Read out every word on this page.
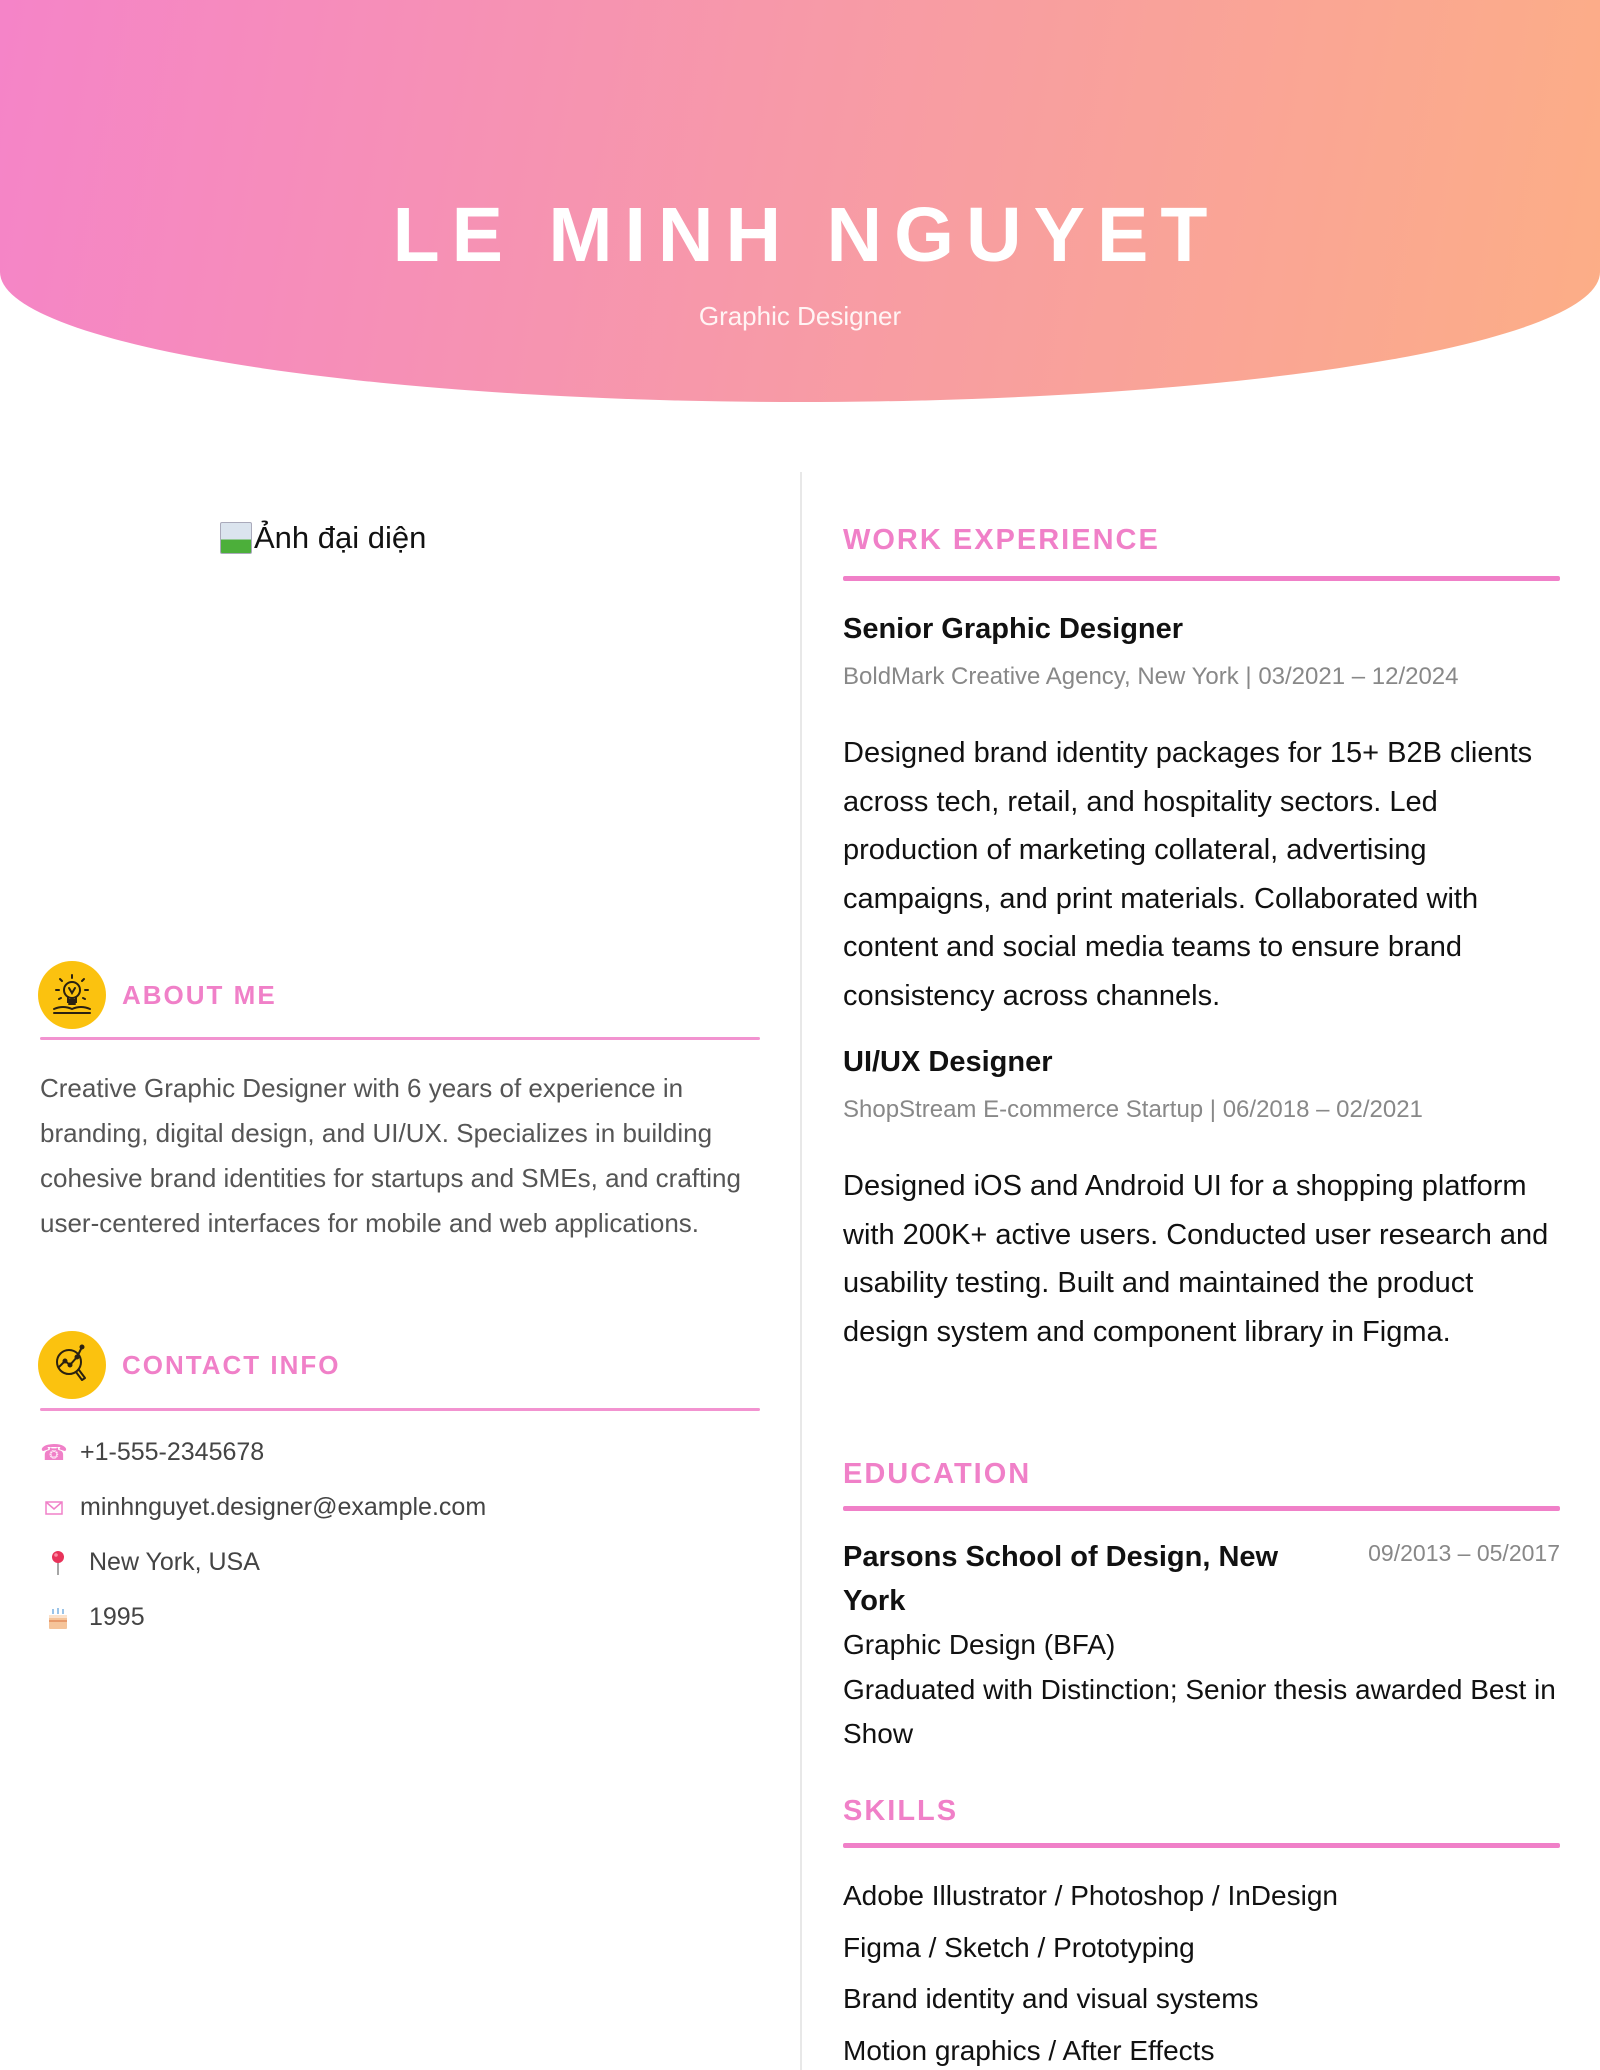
LE MINH NGUYET
Graphic Designer
Ảnh đại diện
ABOUT ME

Creative Graphic Designer with 6 years of experience in branding, digital design, and UI/UX. Specializes in building cohesive brand identities for startups and SMEs, and crafting user-centered interfaces for mobile and web applications.

CONTACT INFO
☎ +1-555-2345678
minhnguyet.designer@example.com
New York, USA
1995
WORK EXPERIENCE
Senior Graphic Designer
BoldMark Creative Agency, New York | 03/2021 – 12/2024

Designed brand identity packages for 15+ B2B clients across tech, retail, and hospitality sectors. Led production of marketing collateral, advertising campaigns, and print materials. Collaborated with content and social media teams to ensure brand consistency across channels.

UI/UX Designer
ShopStream E-commerce Startup | 06/2018 – 02/2021

Designed iOS and Android UI for a shopping platform with 200K+ active users. Conducted user research and usability testing. Built and maintained the product design system and component library in Figma.

EDUCATION
Parsons School of Design, New York
09/2013 – 05/2017
Graphic Design (BFA)
Graduated with Distinction; Senior thesis awarded Best in Show
SKILLS
Adobe Illustrator / Photoshop / InDesign
Figma / Sketch / Prototyping
Brand identity and visual systems
Motion graphics / After Effects
